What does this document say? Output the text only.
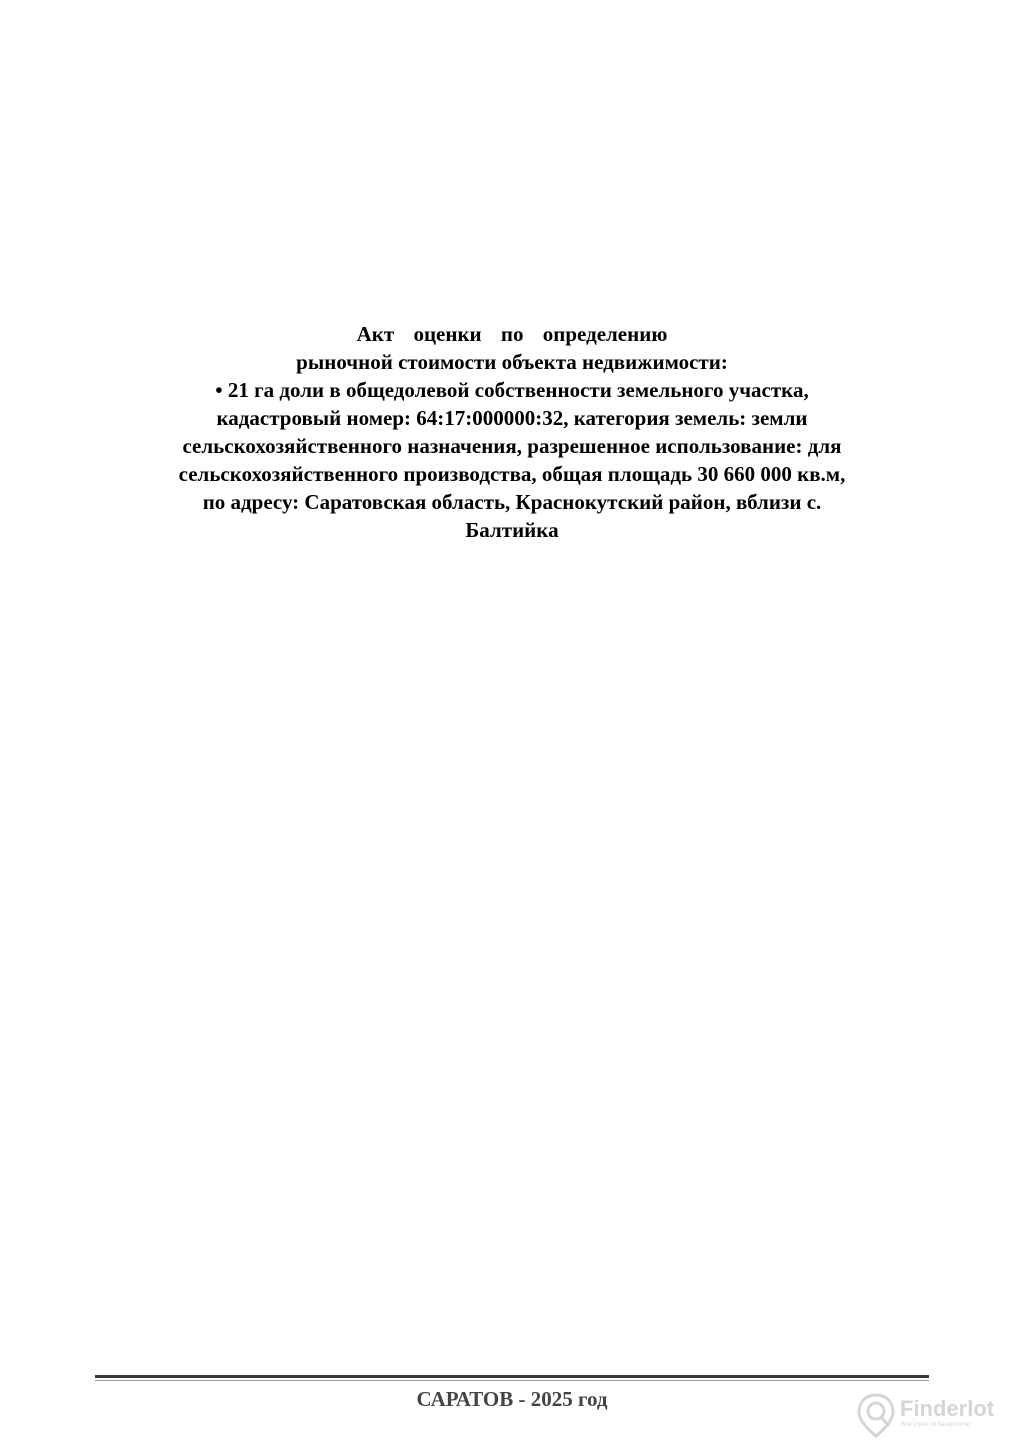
Акт оценки по определению
рыночной стоимости объекта недвижимости:
• 21 га доли в общедолевой собственности земельного участка,
кадастровый номер: 64:17:000000:32, категория земель: земли
сельскохозяйственного назначения, разрешенное использование: для
сельскохозяйственного производства, общая площадь 30 660 000 кв.м,
по адресу: Саратовская область, Краснокутский район, вблизи с.
Балтийка
САРАТОВ - 2025 год	Finderlot
Все торги по банкротству
